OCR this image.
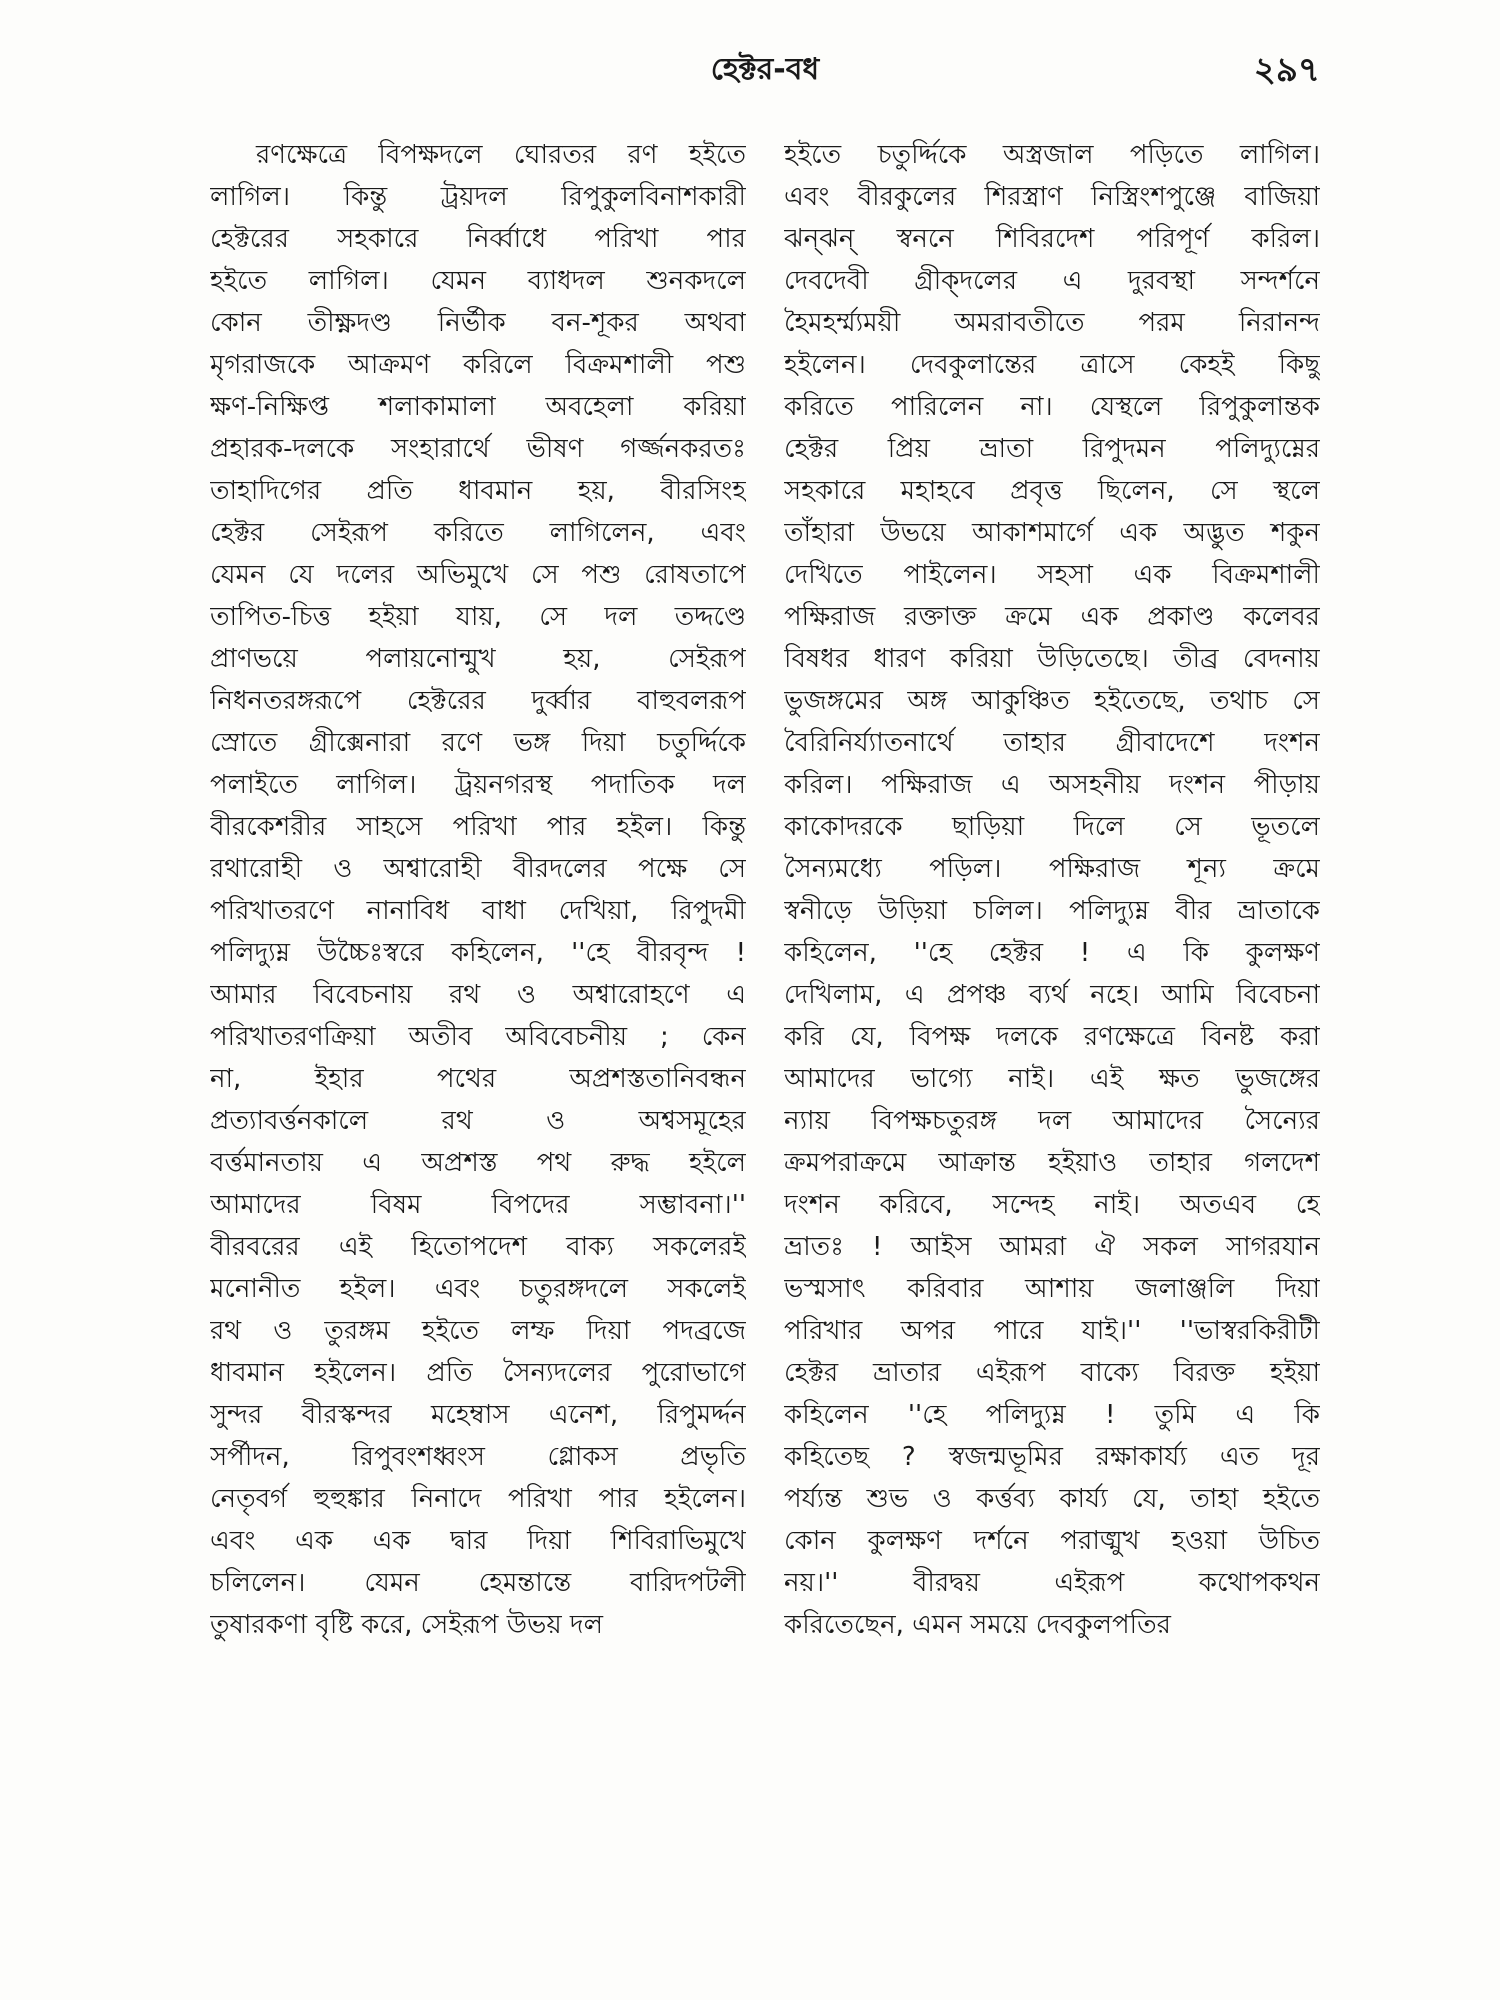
হেক্টর-বধ	২৯৭
রণক্ষেত্রে বিপক্ষদলে ঘোরতর রণ হইতে
লাগিল। কিন্তু ট্রয়দল রিপুকুলবিনাশকারী
হেক্টরের সহকারে নির্ব্বাধে পরিখা পার
হইতে লাগিল। যেমন ব্যাধদল শুনকদলে
কোন তীক্ষ্ণদণ্ড নির্ভীক বন-শূকর অথবা
মৃগরাজকে আক্রমণ করিলে বিক্রমশালী পশু
ক্ষণ-নিক্ষিপ্ত শলাকামালা অবহেলা করিয়া
প্রহারক-দলকে সংহারার্থে ভীষণ গর্জ্জনকরতঃ
তাহাদিগের প্রতি ধাবমান হয়, বীরসিংহ
হেক্টর সেইরূপ করিতে লাগিলেন, এবং
যেমন যে দলের অভিমুখে সে পশু রোষতাপে
তাপিত-চিত্ত হইয়া যায়, সে দল তদ্দণ্ডে
প্রাণভয়ে পলায়নোন্মুখ হয়, সেইরূপ
নিধনতরঙ্গরূপে হেক্টরের দুর্ব্বার বাহুবলরূপ
স্রোতে গ্রীক্সেনারা রণে ভঙ্গ দিয়া চতুর্দ্দিকে
পলাইতে লাগিল। ট্রয়নগরস্থ পদাতিক দল
বীরকেশরীর সাহসে পরিখা পার হইল। কিন্তু
রথারোহী ও অশ্বারোহী বীরদলের পক্ষে সে
পরিখাতরণে নানাবিধ বাধা দেখিয়া, রিপুদমী
পলিদ্যুম্ন উচ্চৈঃস্বরে কহিলেন, ''হে বীরবৃন্দ !
আমার বিবেচনায় রথ ও অশ্বারোহণে এ
পরিখাতরণক্রিয়া অতীব অবিবেচনীয় ; কেন
না, ইহার পথের অপ্রশস্ততানিবন্ধন
প্রত্যাবর্ত্তনকালে রথ ও অশ্বসমূহের
বর্ত্তমানতায় এ অপ্রশস্ত পথ রুদ্ধ হইলে
আমাদের বিষম বিপদের সম্ভাবনা।''
বীরবরের এই হিতোপদেশ বাক্য সকলেরই
মনোনীত হইল। এবং চতুরঙ্গদলে সকলেই
রথ ও তুরঙ্গম হইতে লম্ফ দিয়া পদব্রজে
ধাবমান হইলেন। প্রতি সৈন্যদলের পুরোভাগে
সুন্দর বীরস্কন্দর মহেম্বাস এনেশ, রিপুমর্দ্দন
সর্পীদন, রিপুবংশধ্বংস গ্লোকস প্রভৃতি
নেতৃবর্গ হুহুঙ্কার নিনাদে পরিখা পার হইলেন।
এবং এক এক দ্বার দিয়া শিবিরাভিমুখে
চলিলেন। যেমন হেমন্তান্তে বারিদপটলী
তুষারকণা বৃষ্টি করে, সেইরূপ উভয় দল
হইতে চতুর্দ্দিকে অস্ত্রজাল পড়িতে লাগিল।
এবং বীরকুলের শিরস্ত্রাণ নিস্ত্রিংশপুঞ্জে বাজিয়া
ঝন্ঝন্ স্বননে শিবিরদেশ পরিপূর্ণ করিল।
দেবদেবী গ্রীক্দলের এ দুরবস্থা সন্দর্শনে
হৈমহর্ম্ম্যময়ী অমরাবতীতে পরম নিরানন্দ
হইলেন। দেবকুলান্তের ত্রাসে কেহই কিছু
করিতে পারিলেন না। যেস্থলে রিপুকুলান্তক
হেক্টর প্রিয় ভ্রাতা রিপুদমন পলিদ্যুম্নের
সহকারে মহাহবে প্রবৃত্ত ছিলেন, সে স্থলে
তাঁহারা উভয়ে আকাশমার্গে এক অদ্ভুত শকুন
দেখিতে পাইলেন। সহসা এক বিক্রমশালী
পক্ষিরাজ রক্তাক্ত ক্রমে এক প্রকাণ্ড কলেবর
বিষধর ধারণ করিয়া উড়িতেছে। তীব্র বেদনায়
ভুজঙ্গমের অঙ্গ আকুঞ্চিত হইতেছে, তথাচ সে
বৈরিনির্য্যাতনার্থে তাহার গ্রীবাদেশে দংশন
করিল। পক্ষিরাজ এ অসহনীয় দংশন পীড়ায়
কাকোদরকে ছাড়িয়া দিলে সে ভূতলে
সৈন্যমধ্যে পড়িল। পক্ষিরাজ শূন্য ক্রমে
স্বনীড়ে উড়িয়া চলিল। পলিদ্যুম্ন বীর ভ্রাতাকে
কহিলেন, ''হে হেক্টর ! এ কি কুলক্ষণ
দেখিলাম, এ প্রপঞ্চ ব্যর্থ নহে। আমি বিবেচনা
করি যে, বিপক্ষ দলকে রণক্ষেত্রে বিনষ্ট করা
আমাদের ভাগ্যে নাই। এই ক্ষত ভুজঙ্গের
ন্যায় বিপক্ষচতুরঙ্গ দল আমাদের সৈন্যের
ক্রমপরাক্রমে আক্রান্ত হইয়াও তাহার গলদেশ
দংশন করিবে, সন্দেহ নাই। অতএব হে
ভ্রাতঃ ! আইস আমরা ঐ সকল সাগরযান
ভস্মসাৎ করিবার আশায় জলাঞ্জলি দিয়া
পরিখার অপর পারে যাই।'' ''ভাস্বরকিরীটী
হেক্টর ভ্রাতার এইরূপ বাক্যে বিরক্ত হইয়া
কহিলেন ''হে পলিদ্যুম্ন ! তুমি এ কি
কহিতেছ ? স্বজন্মভূমির রক্ষাকার্য্য এত দূর
পর্য্যন্ত শুভ ও কর্ত্তব্য কার্য্য যে, তাহা হইতে
কোন কুলক্ষণ দর্শনে পরাঙ্মুখ হওয়া উচিত
নয়।'' বীরদ্বয় এইরূপ কথোপকথন
করিতেছেন, এমন সময়ে দেবকুলপতির
